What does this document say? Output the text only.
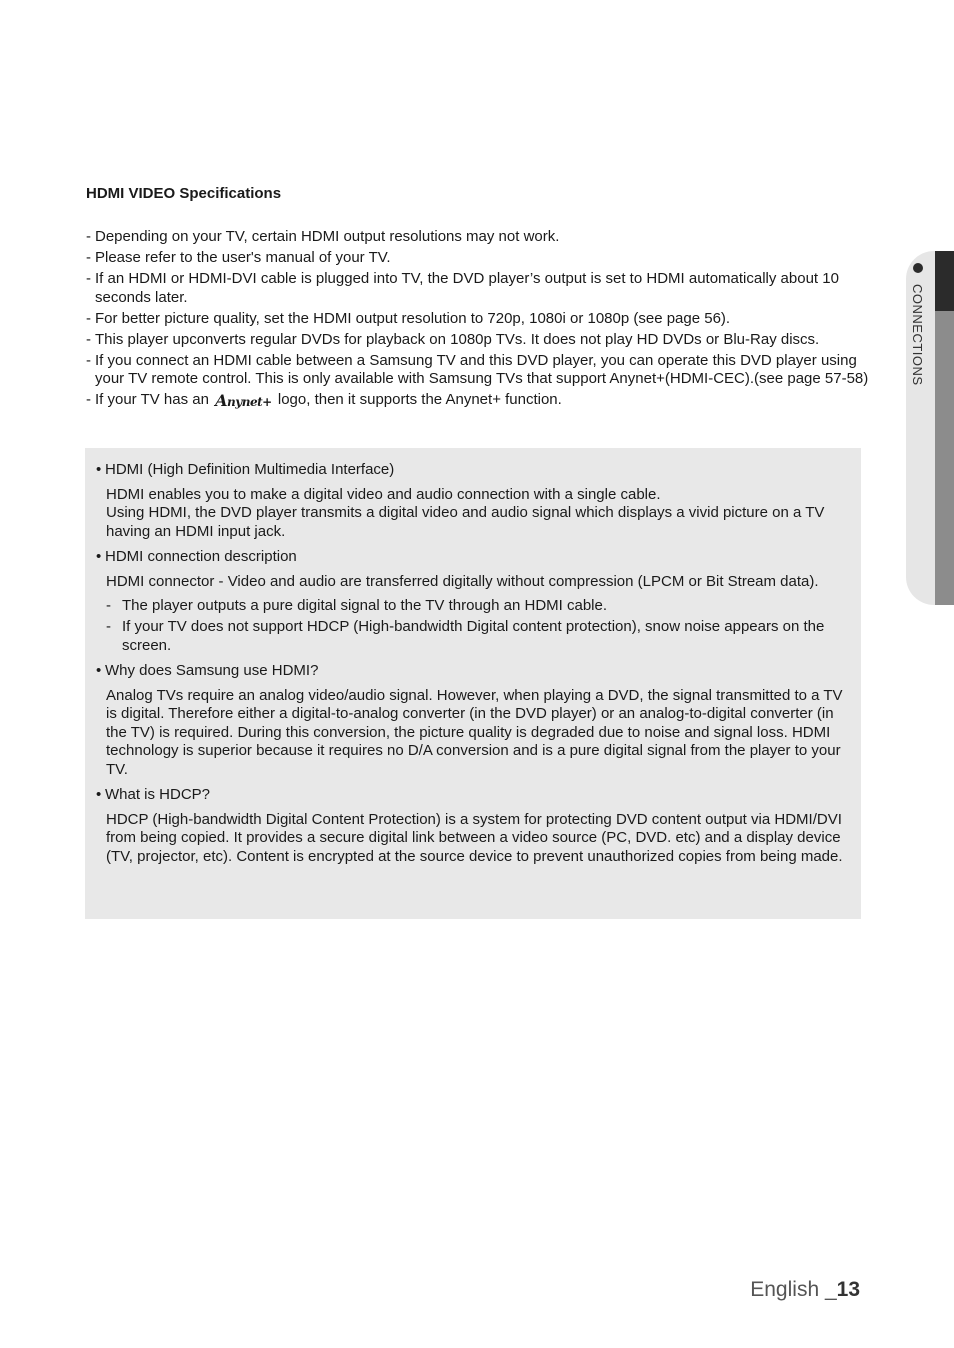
HDMI VIDEO Specifications
- Depending on your TV, certain HDMI output resolutions may not work.
- Please refer to the user's manual of your TV.
- If an HDMI or HDMI-DVI cable is plugged into TV, the DVD player’s output is set to HDMI automatically about 10 seconds later.
- For better picture quality, set the HDMI output resolution to 720p, 1080i or 1080p (see page 56).
- This player upconverts regular DVDs for playback on 1080p TVs. It does not play HD DVDs or Blu-Ray discs.
- If you connect an HDMI cable between a Samsung TV and this DVD player, you can operate this DVD player using your TV remote control. This is only available with Samsung TVs that support Anynet+(HDMI-CEC).(see page 57-58)
- If your TV has an Anynet+ logo, then it supports the Anynet+ function.
• HDMI (High Definition Multimedia Interface)

HDMI enables you to make a digital video and audio connection with a single cable.

Using HDMI, the DVD player transmits a digital video and audio signal which displays a vivid picture on a TV having an HDMI input jack.

• HDMI connection description

HDMI connector - Video and audio are transferred digitally without compression (LPCM or Bit Stream data).

- The player outputs a pure digital signal to the TV through an HDMI cable.
- If your TV does not support HDCP (High-bandwidth Digital content protection), snow noise appears on the screen.
• Why does Samsung use HDMI?

Analog TVs require an analog video/audio signal. However, when playing a DVD, the signal transmitted to a TV is digital. Therefore either a digital-to-analog converter (in the DVD player) or an analog-to-digital converter (in the TV) is required. During this conversion, the picture quality is degraded due to noise and signal loss. HDMI technology is superior because it requires no D/A conversion and is a pure digital signal from the player to your TV.

• What is HDCP?

HDCP (High-bandwidth Digital Content Protection) is a system for protecting DVD content output via HDMI/DVI from being copied. It provides a secure digital link between a video source (PC, DVD. etc) and a display device (TV, projector, etc). Content is encrypted at the source device to prevent unauthorized copies from being made.

CONNECTIONS
English _13
